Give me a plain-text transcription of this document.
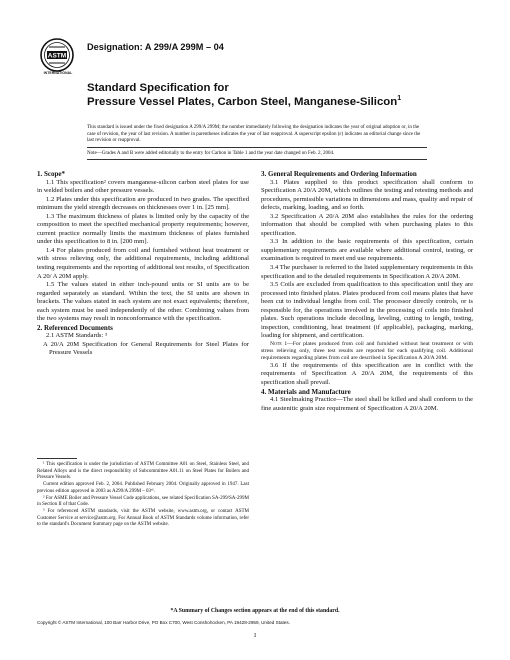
ASTM
INTERNATIONAL
Designation: A 299/A 299M – 04
Standard Specification for
Pressure Vessel Plates, Carbon Steel, Manganese-Silicon$^1$
This standard is issued under the fixed designation A 299/A 299M; the number immediately following the designation indicates the year of original adoption or, in the case of revision, the year of last revision. A number in parentheses indicates the year of last reapproval. A superscript epsilon (ε) indicates an editorial change since the last revision or reapproval.
Note—Grades A and B were added editorially to the entry for Carbon in Table 1 and the year date changed on Feb. 2, 2004.

1. Scope*

1.1 This specification² covers manganese-silicon carbon steel plates for use in welded boilers and other pressure vessels.

1.2 Plates under this specification are produced in two grades. The specified minimum the yield strength decreases on thicknesses over 1 in. [25 mm].

1.3 The maximum thickness of plates is limited only by the capacity of the composition to meet the specified mechanical property requirements; however, current practice normally limits the maximum thickness of plates furnished under this specification to 8 in. [200 mm].

1.4 For plates produced from coil and furnished without heat treatment or with stress relieving only, the additional requirements, including additional testing requirements and the reporting of additional test results, of Specification A 20/ A 20M apply.

1.5 The values stated in either inch-pound units or SI units are to be regarded separately as standard. Within the text, the SI units are shown in brackets. The values stated in each system are not exact equivalents; therefore, each system must be used independently of the other. Combining values from the two systems may result in nonconformance with the specification.

2. Referenced Documents

2.1 ASTM Standards: ³

A 20/A 20M Specification for General Requirements for Steel Plates for Pressure Vessels

¹ This specification is under the jurisdiction of ASTM Committee A01 on Steel, Stainless Steel, and Related Alloys and is the direct responsibility of Subcommittee A01.11 on Steel Plates for Boilers and Pressure Vessels.

Current edition approved Feb. 2, 2004. Published February 2004. Originally approved in 1947. Last previous edition approved in 2003 as A299/A 299M – 03ᵉ¹.

² For ASME Boiler and Pressure Vessel Code applications, see related Specification SA-299/SA-299M in Section II of that Code.

³ For referenced ASTM standards, visit the ASTM website, www.astm.org, or contact ASTM Customer Service at service@astm.org. For Annual Book of ASTM Standards volume information, refer to the standard's Document Summary page on the ASTM website.

3. General Requirements and Ordering Information

3.1 Plates supplied to this product specification shall conform to Specification A 20/A 20M, which outlines the testing and retesting methods and procedures, permissible variations in dimensions and mass, quality and repair of defects, marking, loading, and so forth.

3.2 Specification A 20/A 20M also establishes the rules for the ordering information that should be complied with when purchasing plates to this specification.

3.3 In addition to the basic requirements of this specification, certain supplementary requirements are available where additional control, testing, or examination is required to meet end use requirements.

3.4 The purchaser is referred to the listed supplementary requirements in this specification and to the detailed requirements in Specification A 20/A 20M.

3.5 Coils are excluded from qualification to this specification until they are processed into finished plates. Plates produced from coil means plates that have been cut to individual lengths from coil. The processor directly controls, or is responsible for, the operations involved in the processing of coils into finished plates. Such operations include decoiling, leveling, cutting to length, testing, inspection, conditioning, heat treatment (if applicable), packaging, marking, loading for shipment, and certification.

Note 1—For plates produced from coil and furnished without heat treatment or with stress relieving only, three test results are reported for each qualifying coil. Additional requirements regarding plates from coil are described in Specification A 20/A 20M.

3.6 If the requirements of this specification are in conflict with the requirements of Specification A 20/A 20M, the requirements of this specification shall prevail.

4. Materials and Manufacture

4.1 Steelmaking Practice—The steel shall be killed and shall conform to the fine austenitic grain size requirement of Specification A 20/A 20M.

*A Summary of Changes section appears at the end of this standard.
Copyright © ASTM International, 100 Barr Harbor Drive, PO Box C700, West Conshohocken, PA 19428-2959, United States.
1
